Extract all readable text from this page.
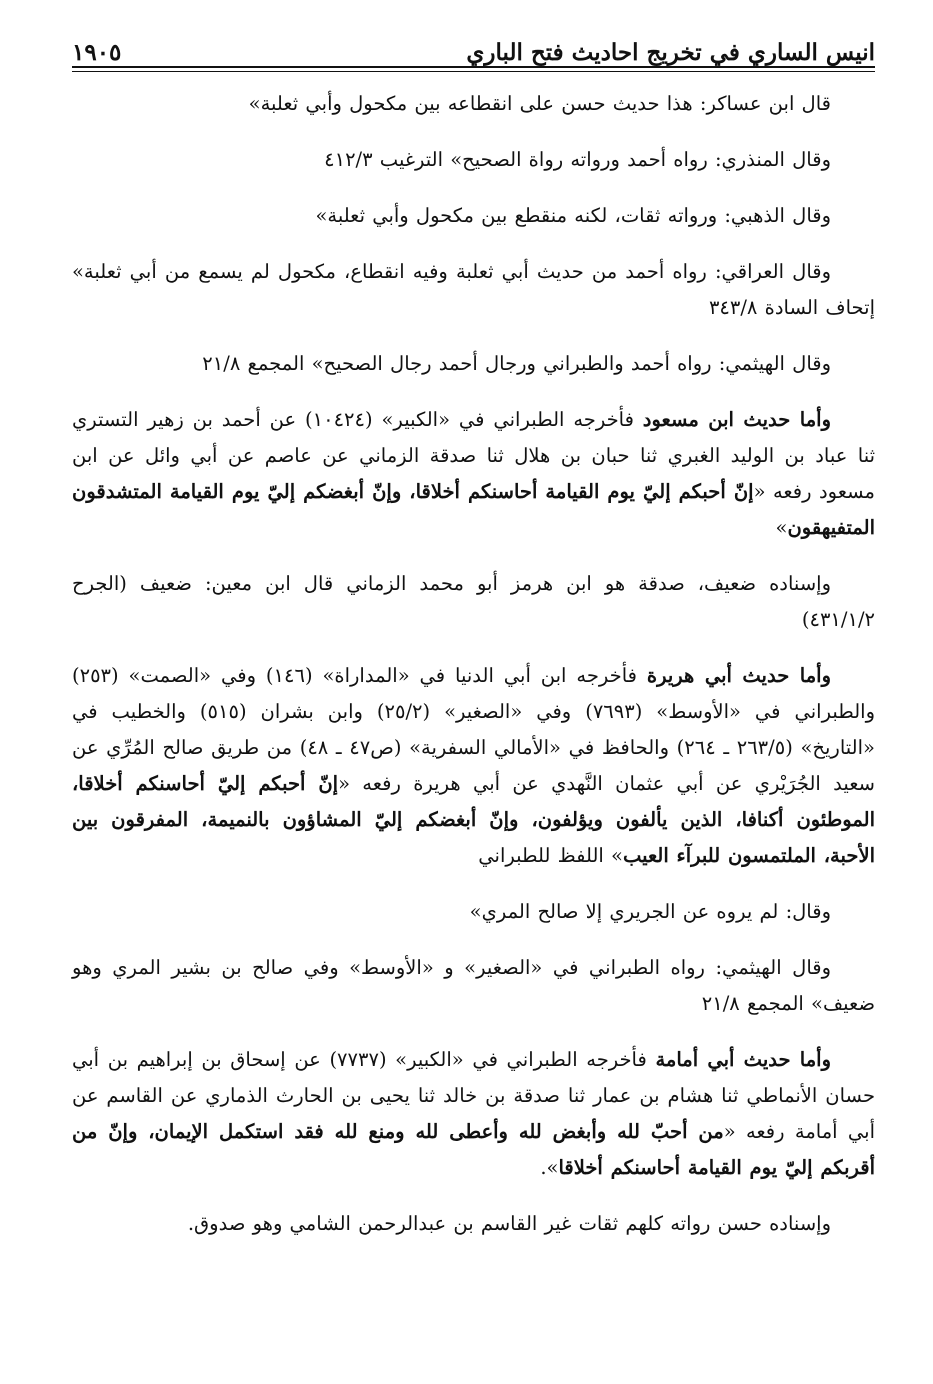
انيس الساري في تخريج احاديث فتح الباري
١٩٠٥

قال ابن عساكر: هذا حديث حسن على انقطاعه بين مكحول وأبي ثعلبة»

وقال المنذري: رواه أحمد ورواته رواة الصحيح» الترغيب ٤١٢/٣

وقال الذهبي: ورواته ثقات، لكنه منقطع بين مكحول وأبي ثعلبة»

وقال العراقي: رواه أحمد من حديث أبي ثعلبة وفيه انقطاع، مكحول لم يسمع من أبي ثعلبة» إتحاف السادة ٣٤٣/٨

وقال الهيثمي: رواه أحمد والطبراني ورجال أحمد رجال الصحيح» المجمع ٢١/٨

وأما حديث ابن مسعود فأخرجه الطبراني في «الكبير» (١٠٤٢٤) عن أحمد بن زهير التستري ثنا عباد بن الوليد الغبري ثنا حبان بن هلال ثنا صدقة الزماني عن عاصم عن أبي وائل عن ابن مسعود رفعه «إنّ أحبكم إليّ يوم القيامة أحاسنكم أخلاقا، وإنّ أبغضكم إليّ يوم القيامة المتشدقون المتفيهقون»

وإسناده ضعيف، صدقة هو ابن هرمز أبو محمد الزماني قال ابن معين: ضعيف (الجرح ٤٣١/١/٢)

وأما حديث أبي هريرة فأخرجه ابن أبي الدنيا في «المداراة» (١٤٦) وفي «الصمت» (٢٥٣) والطبراني في «الأوسط» (٧٦٩٣) وفي «الصغير» (٢٥/٢) وابن بشران (٥١٥) والخطيب في «التاريخ» (٢٦٣/٥ ـ ٢٦٤) والحافظ في «الأمالي السفرية» (ص٤٧ ـ ٤٨) من طريق صالح المُرِّي عن سعيد الجُرَيْري عن أبي عثمان النَّهدي عن أبي هريرة رفعه «إنّ أحبكم إليّ أحاسنكم أخلاقا، الموطئون أكنافا، الذين يألفون ويؤلفون، وإنّ أبغضكم إليّ المشاؤون بالنميمة، المفرقون بين الأحبة، الملتمسون للبرآء العيب» اللفظ للطبراني

وقال: لم يروه عن الجريري إلا صالح المري»

وقال الهيثمي: رواه الطبراني في «الصغير» و «الأوسط» وفي صالح بن بشير المري وهو ضعيف» المجمع ٢١/٨

وأما حديث أبي أمامة فأخرجه الطبراني في «الكبير» (٧٧٣٧) عن إسحاق بن إبراهيم بن أبي حسان الأنماطي ثنا هشام بن عمار ثنا صدقة بن خالد ثنا يحيى بن الحارث الذماري عن القاسم عن أبي أمامة رفعه «من أحبّ لله وأبغض لله وأعطى لله ومنع لله فقد استكمل الإيمان، وإنّ من أقربكم إليّ يوم القيامة أحاسنكم أخلاقا».

وإسناده حسن رواته كلهم ثقات غير القاسم بن عبدالرحمن الشامي وهو صدوق.
